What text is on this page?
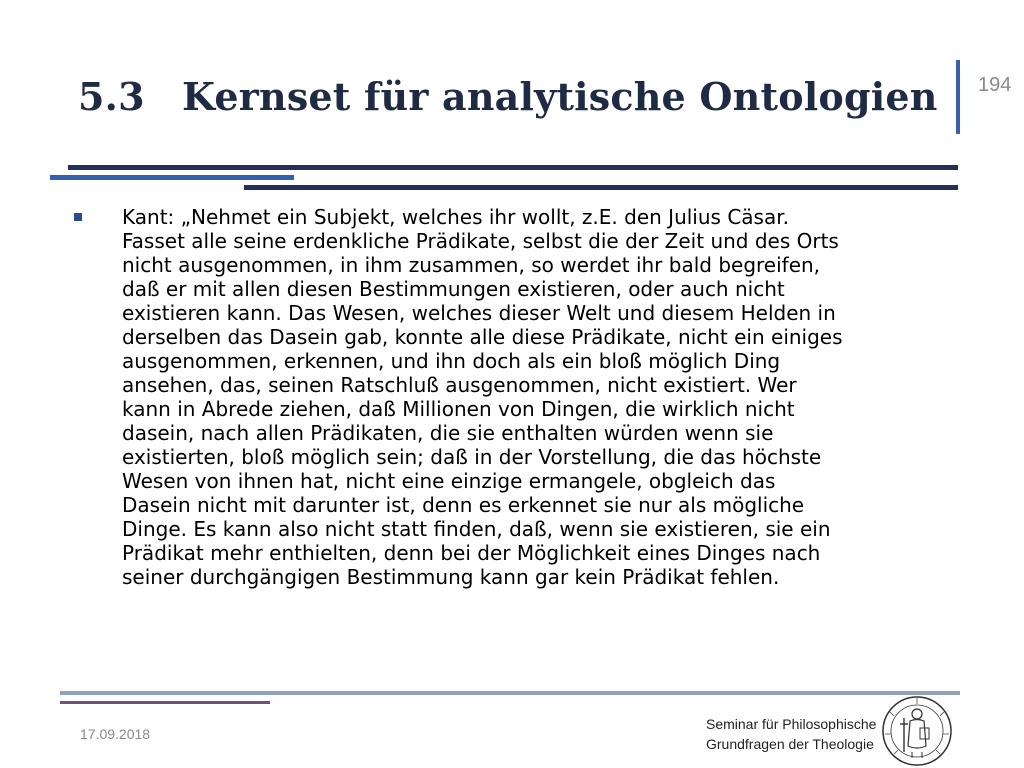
5.3 Kernset für analytische Ontologien 194
Kant: „Nehmet ein Subjekt, welches ihr wollt, z.E. den Julius Cäsar.
Fasset alle seine erdenkliche Prädikate, selbst die der Zeit und des Orts
nicht ausgenommen, in ihm zusammen, so werdet ihr bald begreifen,
daß er mit allen diesen Bestimmungen existieren, oder auch nicht
existieren kann. Das Wesen, welches dieser Welt und diesem Helden in
derselben das Dasein gab, konnte alle diese Prädikate, nicht ein einiges
ausgenommen, erkennen, und ihn doch als ein bloß möglich Ding
ansehen, das, seinen Ratschluß ausgenommen, nicht existiert. Wer
kann in Abrede ziehen, daß Millionen von Dingen, die wirklich nicht
dasein, nach allen Prädikaten, die sie enthalten würden wenn sie
existierten, bloß möglich sein; daß in der Vorstellung, die das höchste
Wesen von ihnen hat, nicht eine einzige ermangele, obgleich das
Dasein nicht mit darunter ist, denn es erkennet sie nur als mögliche
Dinge. Es kann also nicht statt finden, daß, wenn sie existieren, sie ein
Prädikat mehr enthielten, denn bei der Möglichkeit eines Dinges nach
seiner durchgängigen Bestimmung kann gar kein Prädikat fehlen.
17.09.2018
Seminar für Philosophische
Grundfragen der Theologie
